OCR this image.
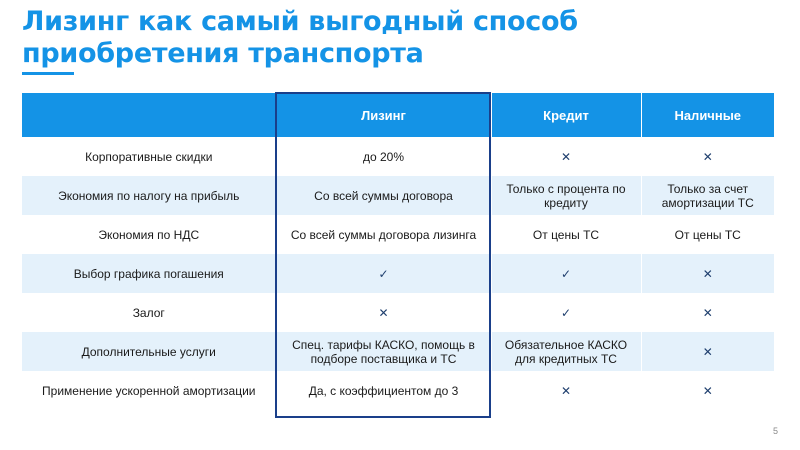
Лизинг как самый выгодный способ
приобретения транспорта
	Лизинг	Кредит	Наличные
Корпоративные скидки	до 20%	✕	✕
Экономия по налогу на прибыль	Со всей суммы договора	Только с процента по кредиту	Только за счет амортизации ТС
Экономия по НДС	Со всей суммы договора лизинга	От цены ТС	От цены ТС
Выбор графика погашения	✓	✓	✕
Залог	✕	✓	✕
Дополнительные услуги	Спец. тарифы КАСКО, помощь в подборе поставщика и ТС	Обязательное КАСКО для кредитных ТС	✕
Применение ускоренной амортизации	Да, с коэффициентом до 3	✕	✕
5
